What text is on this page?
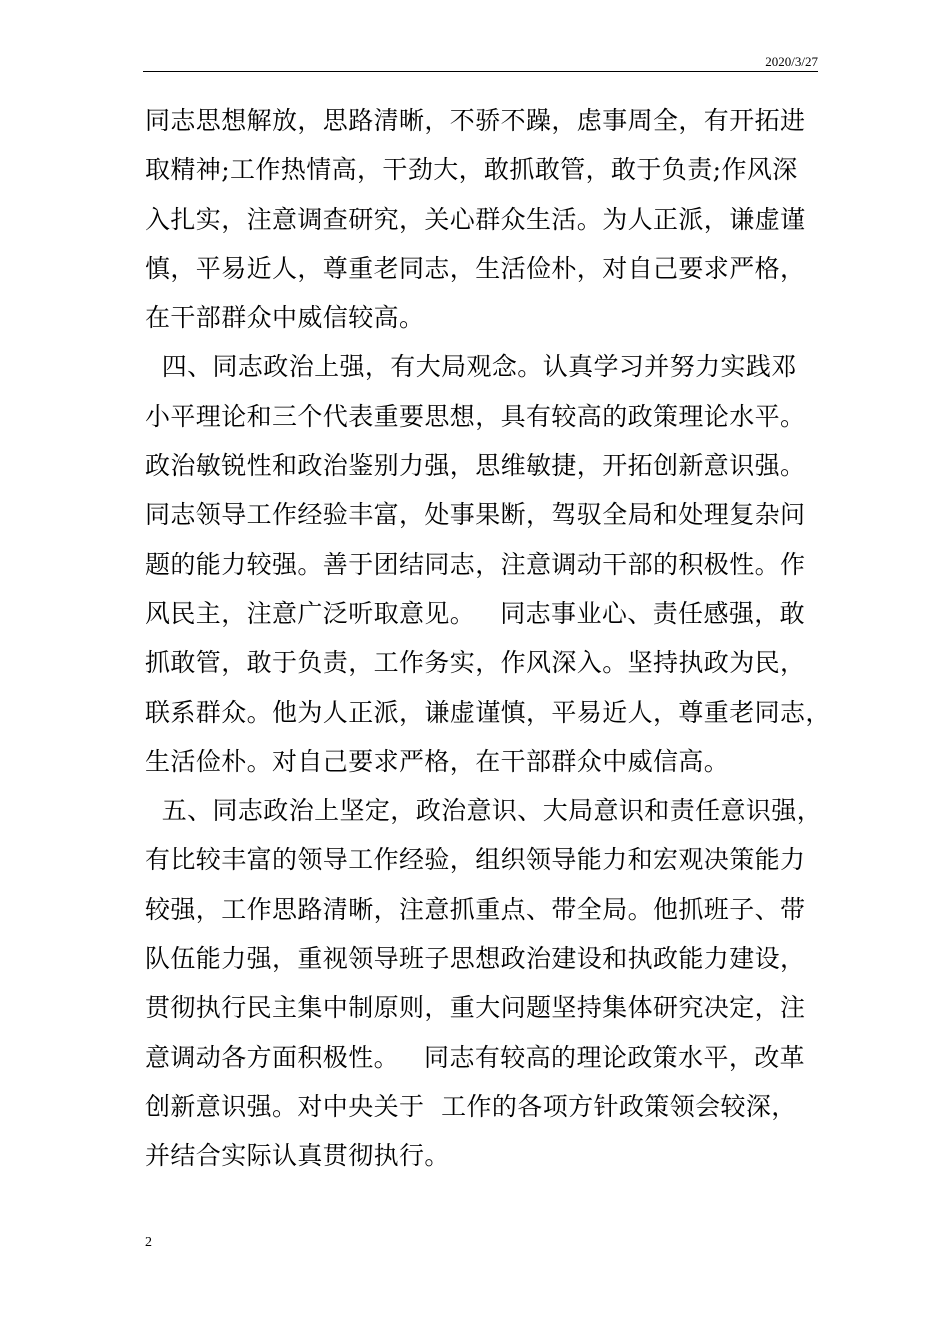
2020/3/27
同志思想解放，思路清晰，不骄不躁，虑事周全，有开拓进
取精神;工作热情高，干劲大，敢抓敢管，敢于负责;作风深
入扎实，注意调查研究，关心群众生活。为人正派，谦虚谨
慎，平易近人，尊重老同志，生活俭朴，对自己要求严格，
在干部群众中威信较高。
四、同志政治上强，有大局观念。认真学习并努力实践邓
小平理论和三个代表重要思想，具有较高的政策理论水平。
政治敏锐性和政治鉴别力强，思维敏捷，开拓创新意识强。
同志领导工作经验丰富，处事果断，驾驭全局和处理复杂问
题的能力较强。善于团结同志，注意调动干部的积极性。作
风民主，注意广泛听取意见。   同志事业心、责任感强，敢
抓敢管，敢于负责，工作务实，作风深入。坚持执政为民，
联系群众。他为人正派，谦虚谨慎，平易近人，尊重老同志，
生活俭朴。对自己要求严格，在干部群众中威信高。
五、同志政治上坚定，政治意识、大局意识和责任意识强，
有比较丰富的领导工作经验，组织领导能力和宏观决策能力
较强，工作思路清晰，注意抓重点、带全局。他抓班子、带
队伍能力强，重视领导班子思想政治建设和执政能力建设，
贯彻执行民主集中制原则，重大问题坚持集体研究决定，注
意调动各方面积极性。   同志有较高的理论政策水平，改革
创新意识强。对中央关于  工作的各项方针政策领会较深，
并结合实际认真贯彻执行。
2
